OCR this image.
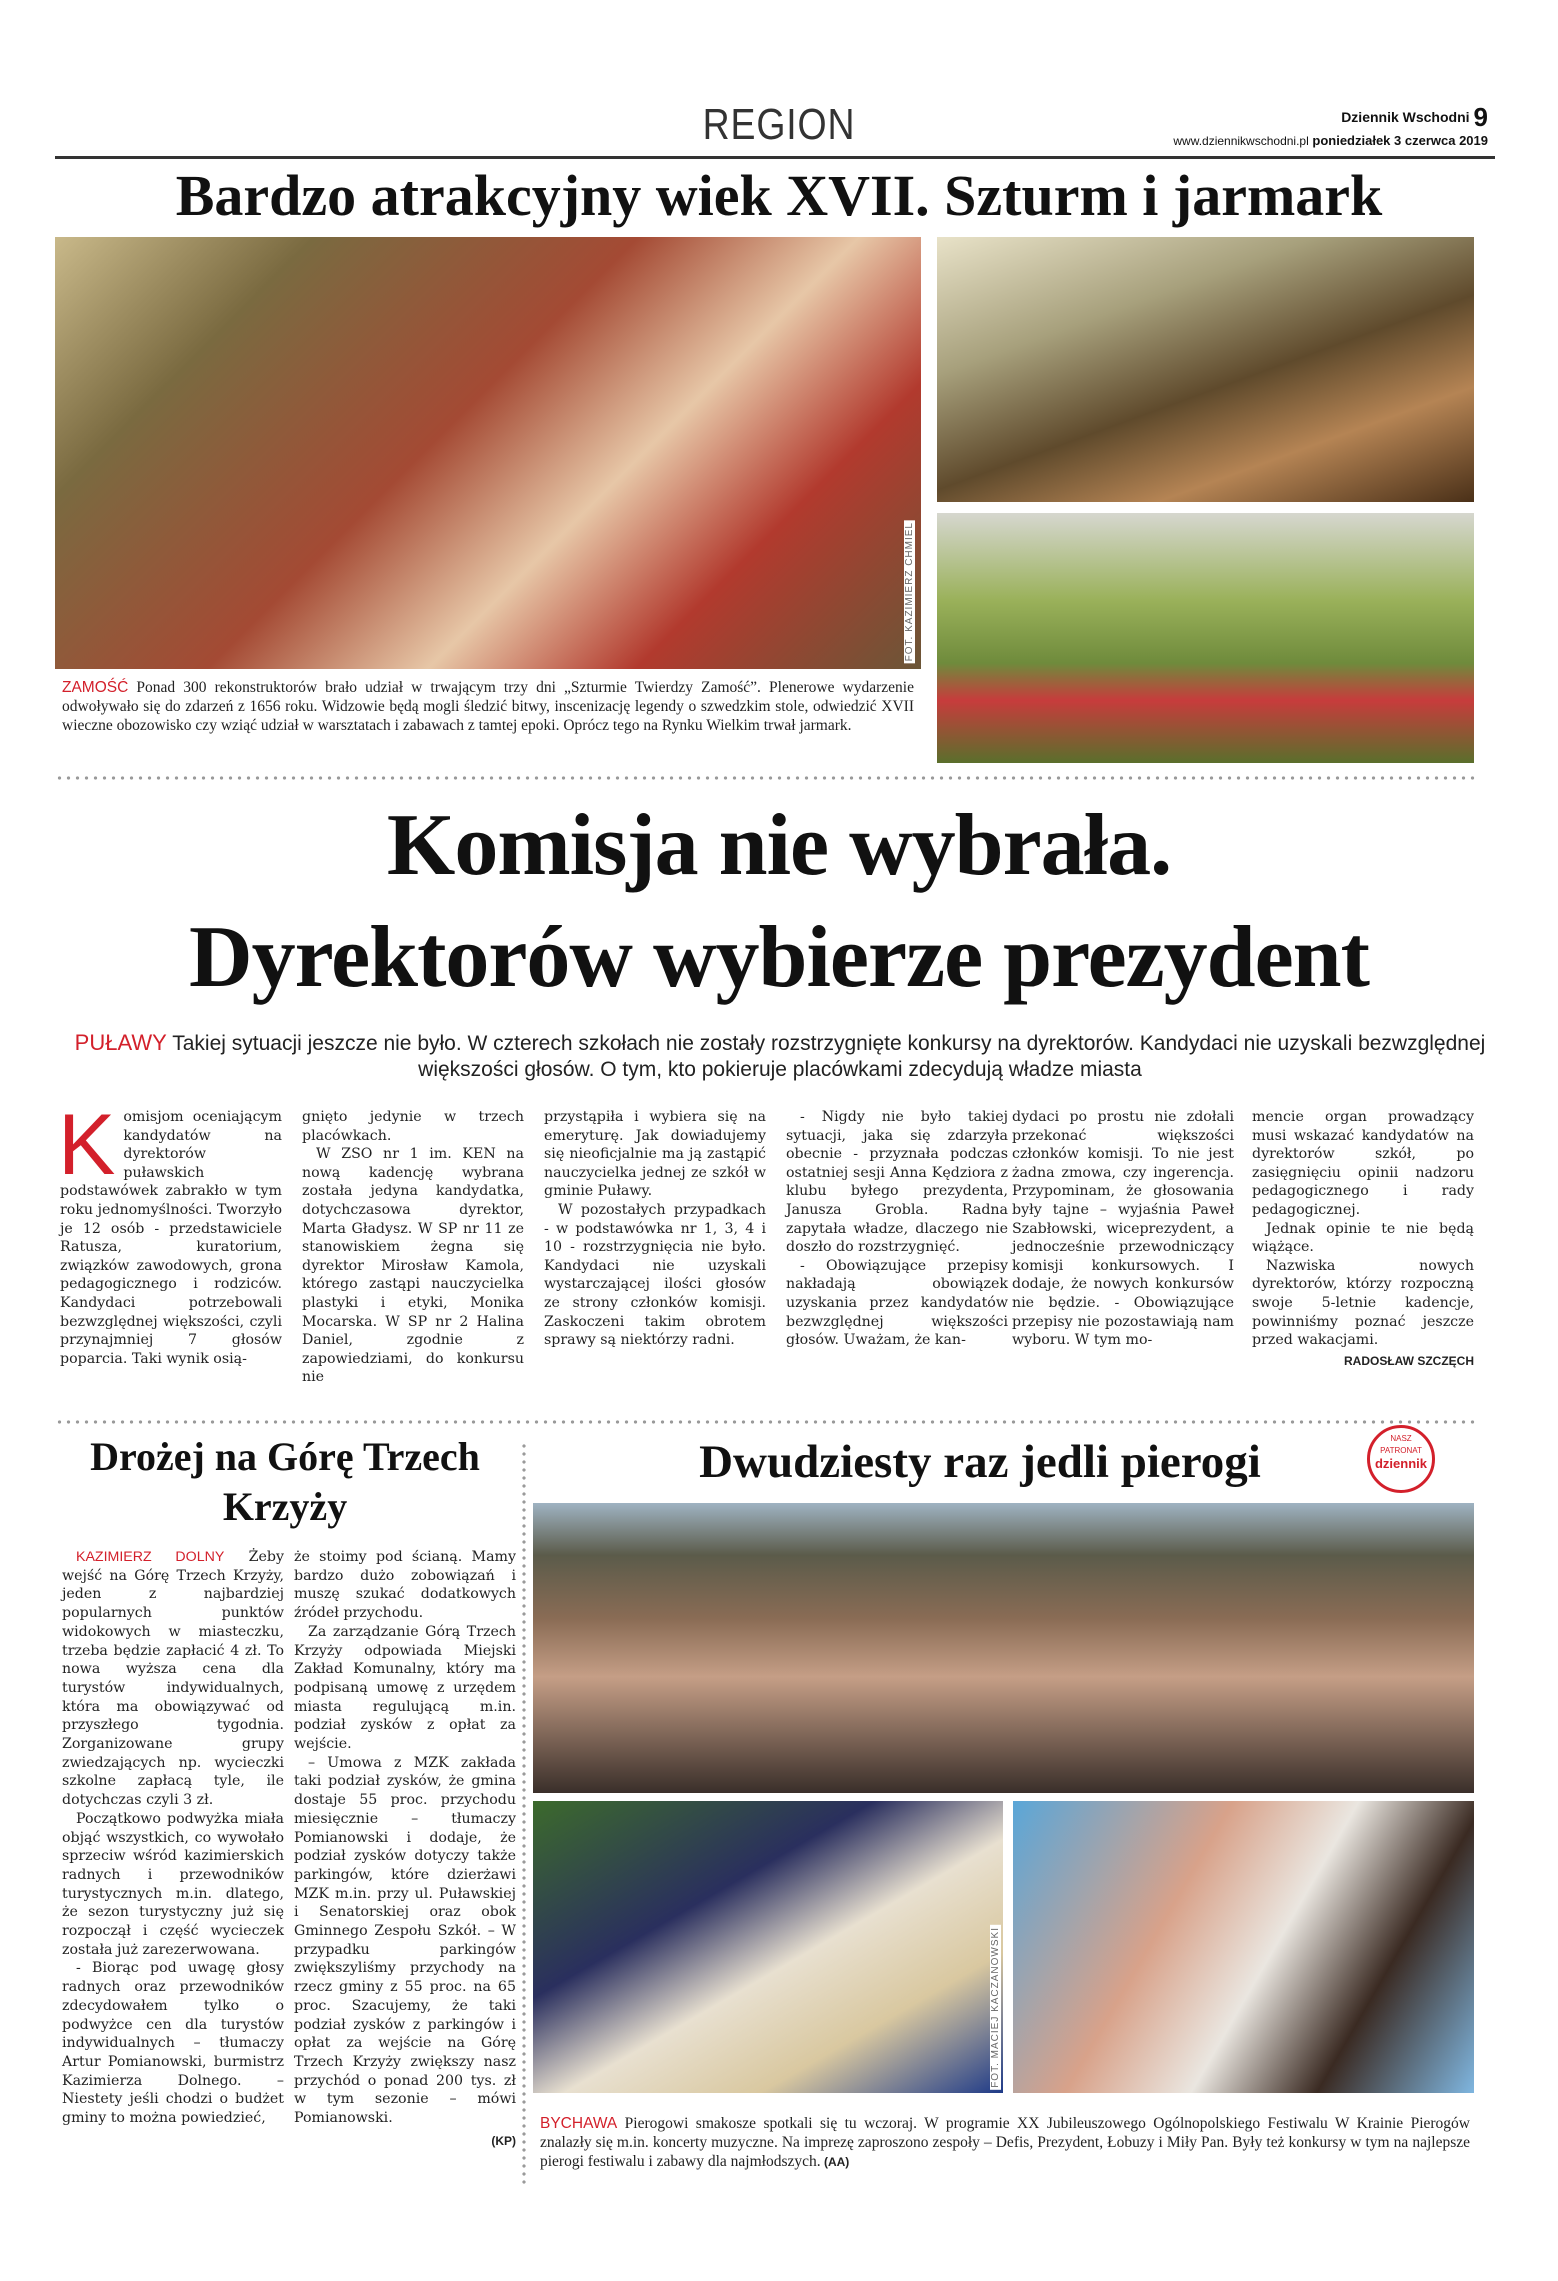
REGION	Dziennik Wschodni 9
www.dziennikwschodni.pl poniedziałek 3 czerwca 2019
Bardzo atrakcyjny wiek XVII. Szturm i jarmark
FOT. KAZIMIERZ CHMIEL
ZAMOŚĆ Ponad 300 rekonstruktorów brało udział w trwającym trzy dni „Szturmie Twierdzy Zamość”. Plenerowe wydarzenie odwoływało się do zdarzeń z 1656 roku. Widzowie będą mogli śledzić bitwy, inscenizację legendy o szwedzkim stole, odwiedzić XVII wieczne obozowisko czy wziąć udział w warsztatach i zabawach z tamtej epoki. Oprócz tego na Rynku Wielkim trwał jarmark.
Komisja nie wybrała.
Dyrektorów wybierze prezydent
PUŁAWY Takiej sytuacji jeszcze nie było. W czterech szkołach nie zostały rozstrzygnięte konkursy na dyrektorów. Kandydaci nie uzyskali bezwzględnej większości głosów. O tym, kto pokieruje placówkami zdecydują władze miasta
K omisjom oceniającym kandydatów na dyrektorów puławskich podstawówek zabrakło w tym roku jednomyślności. Tworzyło je 12 osób - przedstawiciele Ratusza, kuratorium, związków zawodowych, grona pedagogicznego i rodziców. Kandydaci potrzebowali bezwzględnej większości, czyli przynajmniej 7 głosów poparcia. Taki wynik osią-

gnięto jedynie w trzech placówkach.

W ZSO nr 1 im. KEN na nową kadencję wybrana została jedyna kandydatka, dotychczasowa dyrektor, Marta Gładysz. W SP nr 11 ze stanowiskiem żegna się dyrektor Mirosław Kamola, którego zastąpi nauczycielka plastyki i etyki, Monika Mocarska. W SP nr 2 Halina Daniel, zgodnie z zapowiedziami, do konkursu nie

przystąpiła i wybiera się na emeryturę. Jak dowiadujemy się nieoficjalnie ma ją zastąpić nauczycielka jednej ze szkół w gminie Puławy.

W pozostałych przypadkach - w podstawówka nr 1, 3, 4 i 10 - rozstrzygnięcia nie było. Kandydaci nie uzyskali wystarczającej ilości głosów ze strony członków komisji. Zaskoczeni takim obrotem sprawy są niektórzy radni.

- Nigdy nie było takiej sytuacji, jaka się zdarzyła obecnie - przyznała podczas ostatniej sesji Anna Kędziora z klubu byłego prezydenta, Janusza Grobla. Radna zapytała władze, dlaczego nie doszło do rozstrzygnięć.

- Obowiązujące przepisy nakładają obowiązek uzyskania przez kandydatów bezwzględnej większości głosów. Uważam, że kan-

dydaci po prostu nie zdołali przekonać większości członków komisji. To nie jest żadna zmowa, czy ingerencja. Przypominam, że głosowania były tajne – wyjaśnia Paweł Szabłowski, wiceprezydent, a jednocześnie przewodniczący komisji konkursowych. I dodaje, że nowych konkursów nie będzie. - Obowiązujące przepisy nie pozostawiają nam wyboru. W tym mo-

mencie organ prowadzący musi wskazać kandydatów na dyrektorów szkół, po zasięgnięciu opinii nadzoru pedagogicznego i rady pedagogicznej.

Jednak opinie te nie będą wiążące.

Nazwiska nowych dyrektorów, którzy rozpoczną swoje 5-letnie kadencje, powinniśmy poznać jeszcze przed wakacjami.

RADOSŁAW SZCZĘCH
Drożej na Górę Trzech Krzyży

KAZIMIERZ DOLNY Żeby wejść na Górę Trzech Krzyży, jeden z najbardziej popularnych punktów widokowych w miasteczku, trzeba będzie zapłacić 4 zł. To nowa wyższa cena dla turystów indywidualnych, która ma obowiązywać od przyszłego tygodnia. Zorganizowane grupy zwiedzających np. wycieczki szkolne zapłacą tyle, ile dotychczas czyli 3 zł.

Początkowo podwyżka miała objąć wszystkich, co wywołało sprzeciw wśród kazimierskich radnych i przewodników turystycznych m.in. dlatego, że sezon turystyczny już się rozpoczął i część wycieczek została już zarezerwowana.

- Biorąc pod uwagę głosy radnych oraz przewodników zdecydowałem tylko o podwyżce cen dla turystów indywidualnych – tłumaczy Artur Pomianowski, burmistrz Kazimierza Dolnego. – Niestety jeśli chodzi o budżet gminy to można powiedzieć,

że stoimy pod ścianą. Mamy bardzo dużo zobowiązań i muszę szukać dodatkowych źródeł przychodu.

Za zarządzanie Górą Trzech Krzyży odpowiada Miejski Zakład Komunalny, który ma podpisaną umowę z urzędem miasta regulującą m.in. podział zysków z opłat za wejście.

– Umowa z MZK zakłada taki podział zysków, że gmina dostaje 55 proc. przychodu miesięcznie – tłumaczy Pomianowski i dodaje, że podział zysków dotyczy także parkingów, które dzierżawi MZK m.in. przy ul. Puławskiej i Senatorskiej oraz obok Gminnego Zespołu Szkół. – W przypadku parkingów zwiększyliśmy przychody na rzecz gminy z 55 proc. na 65 proc. Szacujemy, że taki podział zysków z parkingów i opłat za wejście na Górę Trzech Krzyży zwiększy nasz przychód o ponad 200 tys. zł w tym sezonie – mówi Pomianowski.

(KP)
Dwudziesty raz jedli pierogi	NASZ
PATRONAT
dziennik
FOT. MACIEJ KACZANOWSKI
BYCHAWA Pierogowi smakosze spotkali się tu wczoraj. W programie XX Jubileuszowego Ogólnopolskiego Festiwalu W Krainie Pierogów znalazły się m.in. koncerty muzyczne. Na imprezę zaproszono zespoły – Defis, Prezydent, Łobuzy i Miły Pan. Były też konkursy w tym na najlepsze pierogi festiwalu i zabawy dla najmłodszych. (AA)
